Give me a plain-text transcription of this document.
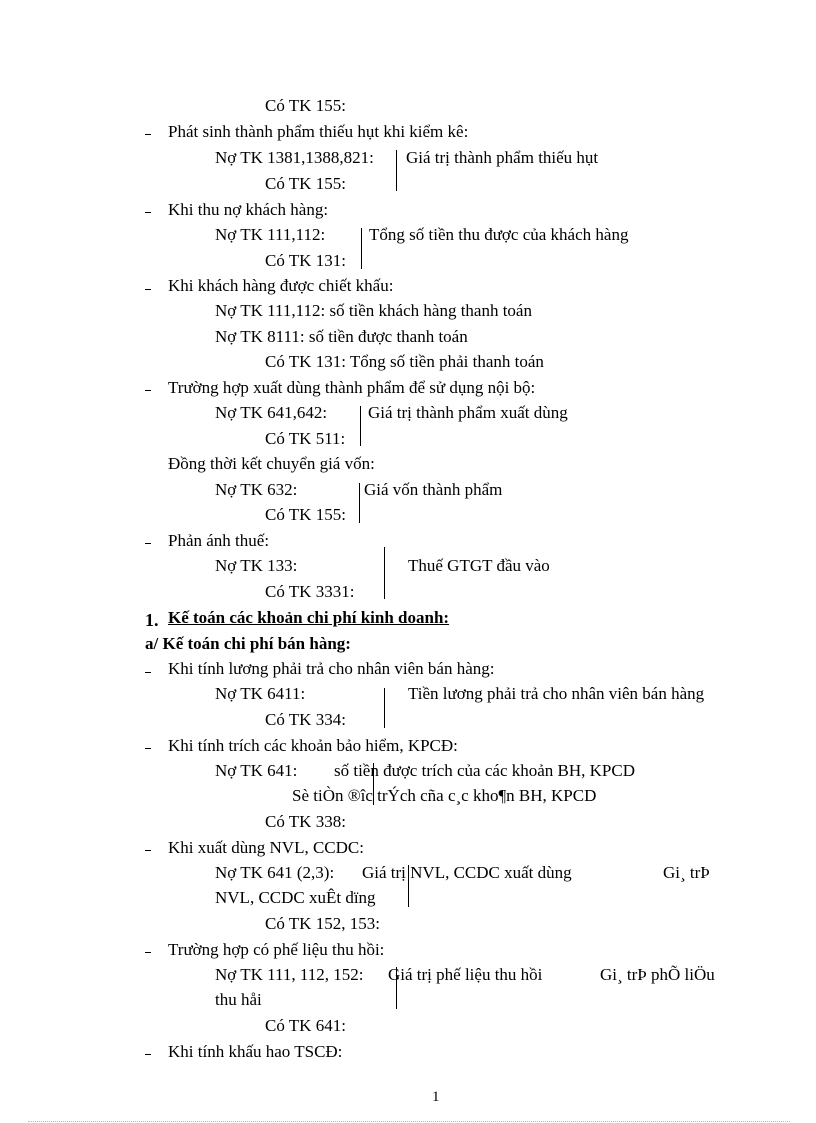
Có TK 155:
Phát sinh thành phẩm thiếu hụt khi kiểm kê:
Nợ TK 1381,1388,821: Giá trị thành phẩm thiếu hụt
Có TK 155:
Khi thu nợ khách hàng:
Nợ TK 111,112:	Tổng số tiền thu được của khách hàng
Có TK 131:
Khi khách hàng được chiết khấu:
Nợ TK 111,112: số tiền khách hàng thanh toán
Nợ TK 8111: số tiền được thanh toán
Có TK 131: Tổng số tiền phải thanh toán
Trường hợp xuất dùng thành phẩm để sử dụng nội bộ:
Nợ TK 641,642: Giá trị thành phẩm xuất dùng
Có TK 511:
Đồng thời kết chuyển giá vốn:
Nợ TK 632:	Giá vốn thành phẩm
Có TK 155:
Phản ánh thuế:
Nợ TK 133:	Thuế GTGT đầu vào
Có TK 3331:
1. Kế toán các khoản chi phí kinh doanh:
a/ Kế toán chi phí bán hàng:
Khi tính lương phải trả cho nhân viên bán hàng:
Nợ TK 6411:	Tiền lương phải trả cho nhân viên bán hàng
Có TK 334:
Khi tính trích các khoản bảo hiểm, KPCĐ:
Nợ TK 641: số tiền được trích của các khoản BH, KPCD
Sè tiÒn ®îc trÝch cña c¸c kho¶n BH, KPCD
Có TK 338:
Khi xuất dùng NVL, CCDC:
Nợ TK 641 (2,3): Giá trị NVL, CCDC xuất dùng	Gi¸ trÞ
NVL, CCDC xuÊt dïng
Có TK 152, 153:
Trường hợp có phế liệu thu hồi:
Nợ TK 111, 112, 152: Giá trị phế liệu thu hồi	Gi¸ trÞ phÕ liÖu
thu håi
Có TK 641:
Khi tính khấu hao TSCĐ:
1
